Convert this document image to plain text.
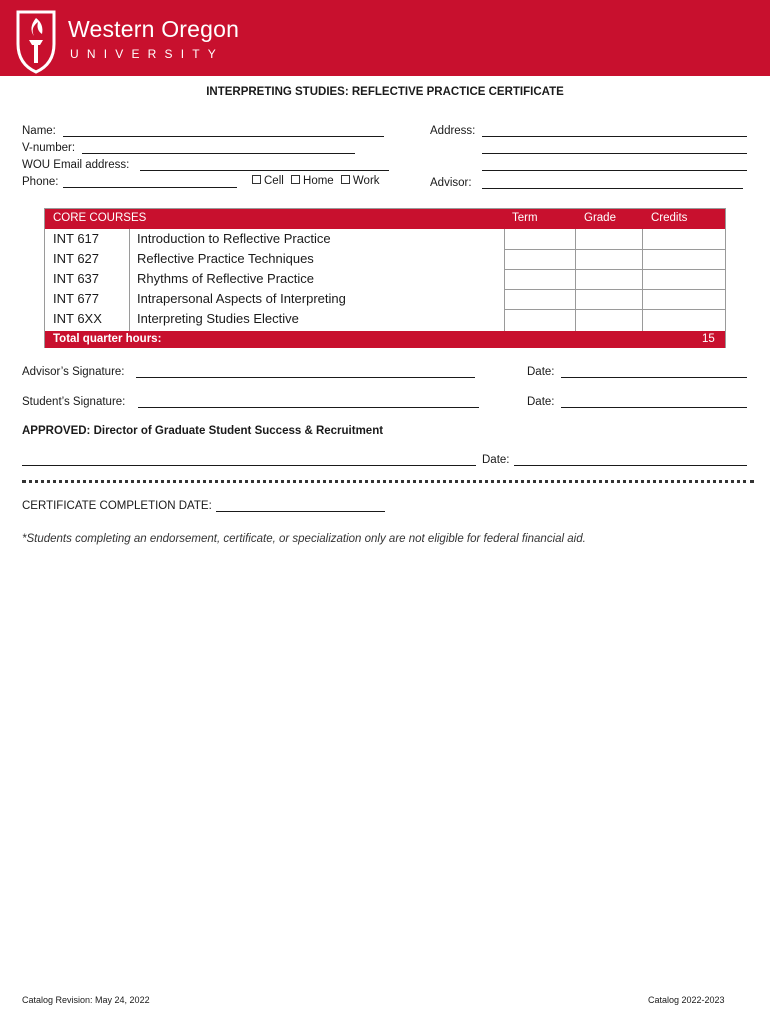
Western Oregon
UNIVERSITY
INTERPRETING STUDIES: REFLECTIVE PRACTICE CERTIFICATE
Name:
V-number:
WOU Email address:
Phone:	Cell Home Work
Address:
Advisor:
CORE COURSES	Term	Grade	Credits
INT 617	Introduction to Reflective Practice
INT 627	Reflective Practice Techniques
INT 637	Rhythms of Reflective Practice
INT 677	Intrapersonal Aspects of Interpreting
INT 6XX	Interpreting Studies Elective
Total quarter hours:	15
Advisor’s Signature:	Date:
Student’s Signature:	Date:
APPROVED: Director of Graduate Student Success & Recruitment
Date:
CERTIFICATE COMPLETION DATE:
*Students completing an endorsement, certificate, or specialization only are not eligible for federal financial aid.
Catalog Revision: May 24, 2022	Catalog 2022-2023
